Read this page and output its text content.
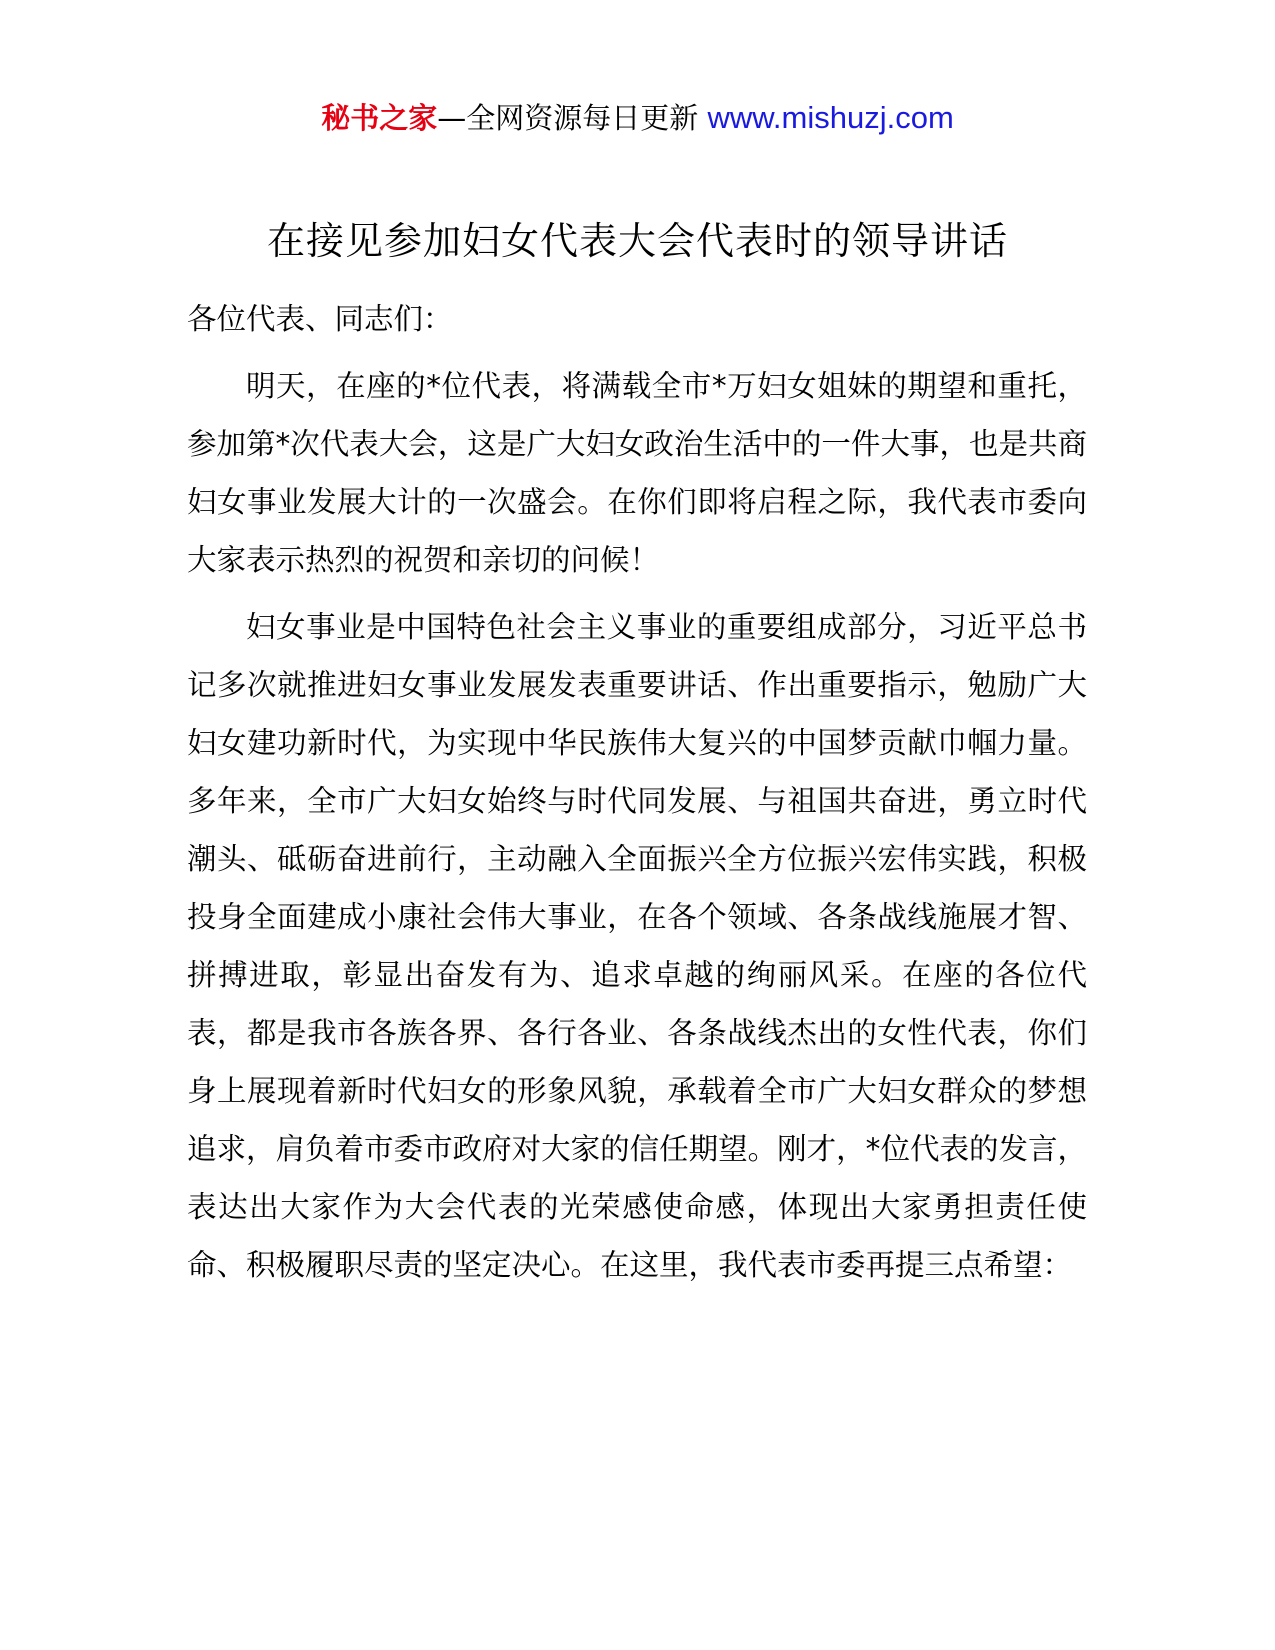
秘书之家—全网资源每日更新 www.mishuzj.com
在接见参加妇女代表大会代表时的领导讲话

各位代表、同志们：

明天，在座的*位代表，将满载全市*万妇女姐妹的期望和重托，参加第*次代表大会，这是广大妇女政治生活中的一件大事，也是共商妇女事业发展大计的一次盛会。在你们即将启程之际，我代表市委向大家表示热烈的祝贺和亲切的问候！

妇女事业是中国特色社会主义事业的重要组成部分，习近平总书记多次就推进妇女事业发展发表重要讲话、作出重要指示，勉励广大妇女建功新时代，为实现中华民族伟大复兴的中国梦贡献巾帼力量。多年来，全市广大妇女始终与时代同发展、与祖国共奋进，勇立时代潮头、砥砺奋进前行，主动融入全面振兴全方位振兴宏伟实践，积极投身全面建成小康社会伟大事业，在各个领域、各条战线施展才智、拼搏进取，彰显出奋发有为、追求卓越的绚丽风采。在座的各位代表，都是我市各族各界、各行各业、各条战线杰出的女性代表，你们身上展现着新时代妇女的形象风貌，承载着全市广大妇女群众的梦想追求，肩负着市委市政府对大家的信任期望。刚才，*位代表的发言，表达出大家作为大会代表的光荣感使命感，体现出大家勇担责任使命、积极履职尽责的坚定决心。在这里，我代表市委再提三点希望：
